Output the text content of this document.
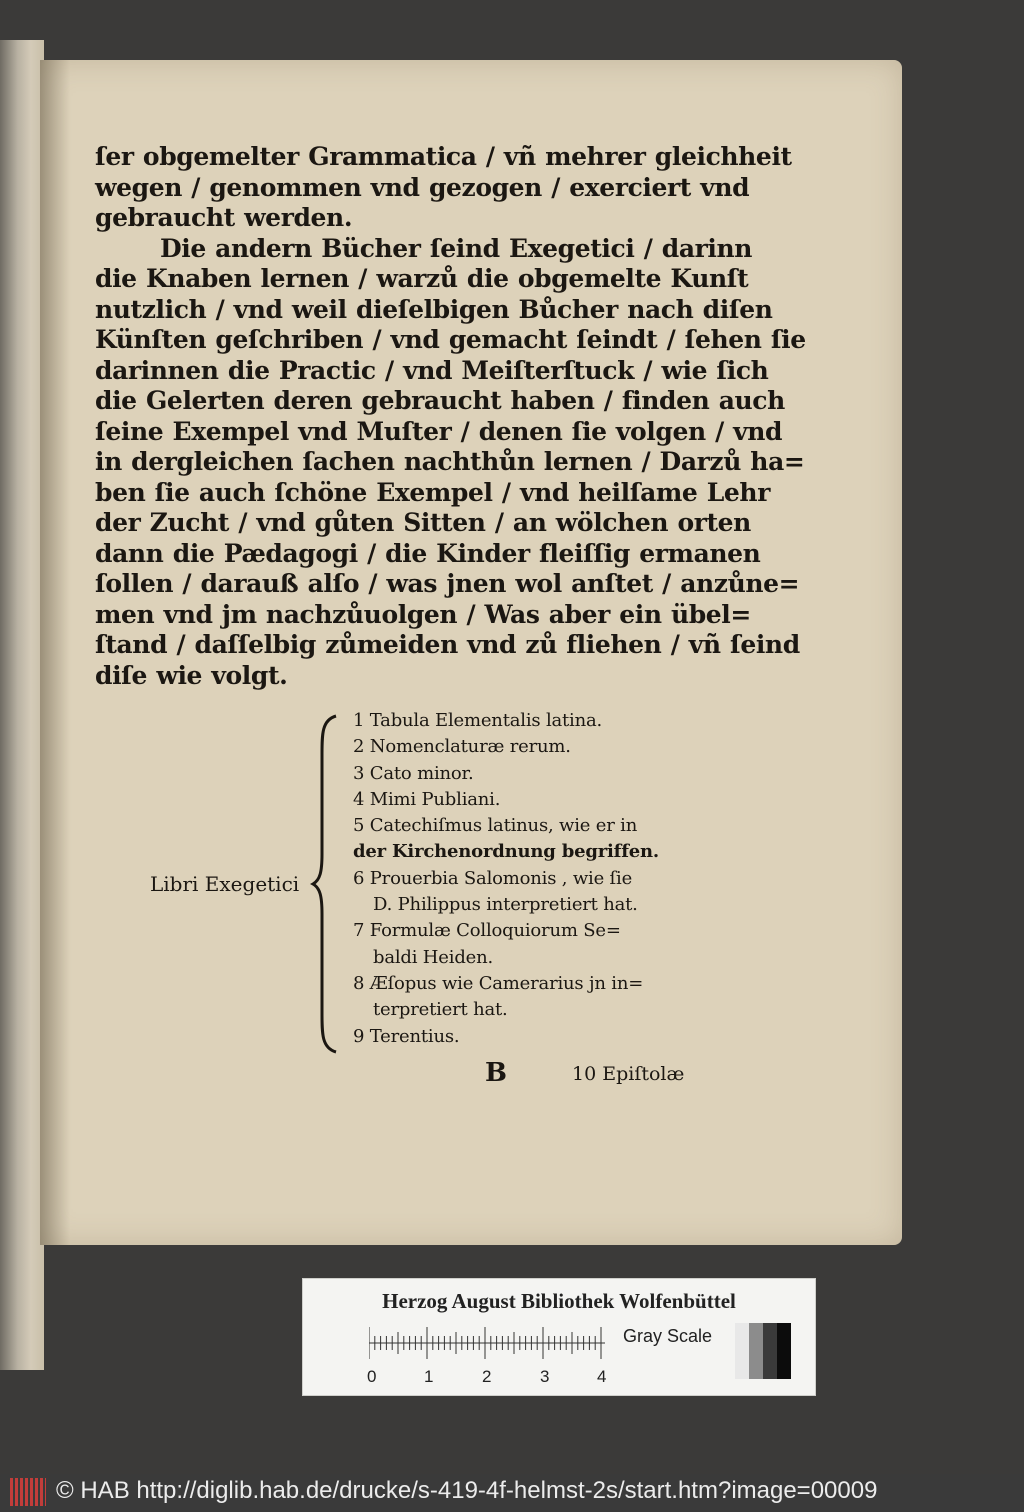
ſer obgemelter Grammatica / vñ mehrer gleichheit
wegen / genommen vnd gezogen / exerciert vnd
gebraucht werden.
Die andern Bücher ſeind Exegetici / darinn
die Knaben lernen / warzů die obgemelte Kunſt
nutzlich / vnd weil dieſelbigen Bůcher nach diſen
Künſten geſchriben / vnd gemacht ſeindt / ſehen ſie
darinnen die Practic / vnd Meiſterſtuck / wie ſich
die Gelerten deren gebraucht haben / finden auch
ſeine Exempel vnd Muſter / denen ſie volgen / vnd
in dergleichen ſachen nachthůn lernen / Darzů ha=
ben ſie auch ſchöne Exempel / vnd heilſame Lehr
der Zucht / vnd gůten Sitten / an wölchen orten
dann die Pædagogi / die Kinder fleiſſig ermanen
ſollen / darauß alſo / was jnen wol anſtet / anzůne=
men vnd jm nachzůuolgen / Was aber ein übel=
ſtand / daſſelbig zůmeiden vnd zů fliehen / vñ ſeind
diſe wie volgt.
Libri Exegetici
1 Tabula Elementalis latina.
2 Nomenclaturæ rerum.
3 Cato minor.
4 Mimi Publiani.
5 Catechiſmus latinus, wie er in
der Kirchenordnung begriffen.
6 Prouerbia Salomonis , wie ſie
D. Philippus interpretiert hat.
7 Formulæ Colloquiorum Se=
baldi Heiden.
8 Æſopus wie Camerarius jn in=
terpretiert hat.
9 Terentius.
B	10 Epiſtolæ
Herzog August Bibliothek Wolfenbüttel
0	1	2	3	4
Gray Scale
© HAB http://diglib.hab.de/drucke/s-419-4f-helmst-2s/start.htm?image=00009
